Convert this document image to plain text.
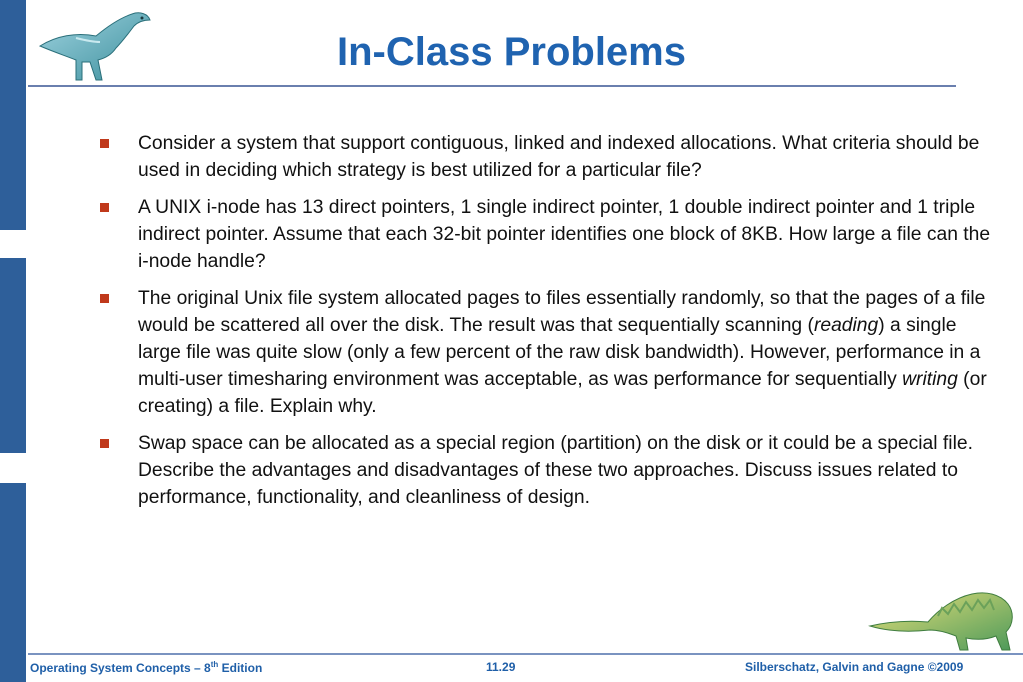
In-Class Problems
Consider a system that support contiguous, linked and indexed allocations. What criteria should be used in deciding which strategy is best utilized for a particular file?
A UNIX i-node has 13 direct pointers, 1 single indirect pointer, 1 double indirect pointer and 1 triple indirect pointer. Assume that each 32-bit pointer identifies one block of 8KB. How large a file can the i-node handle?
The original Unix file system allocated pages to files essentially randomly, so that the pages of a file would be scattered all over the disk. The result was that sequentially scanning (reading) a single large file was quite slow (only a few percent of the raw disk bandwidth). However, performance in a multi-user timesharing environment was acceptable, as was performance for sequentially writing (or creating) a file. Explain why.
Swap space can be allocated as a special region (partition) on the disk or it could be a special file. Describe the advantages and disadvantages of these two approaches. Discuss issues related to performance, functionality, and cleanliness of design.
Operating System Concepts – 8th Edition	11.29	Silberschatz, Galvin and Gagne ©2009
